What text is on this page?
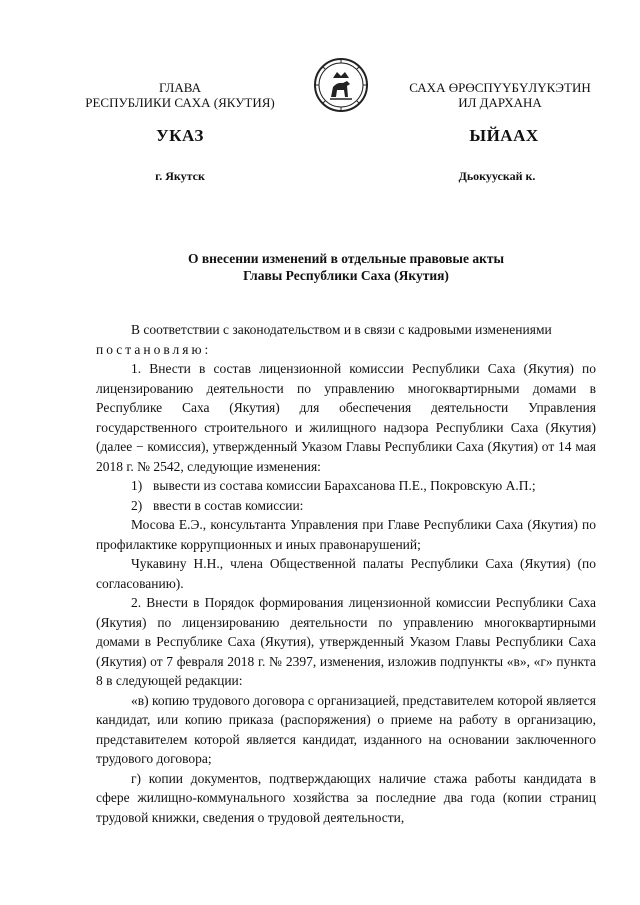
ГЛАВА
РЕСПУБЛИКИ САХА (ЯКУТИЯ)
САХА ӨРӨСПҮҮБҮЛҮКЭТИН
ИЛ ДАРХАНА
УКАЗ	ЫЙААХ
г. Якутск	Дьокуускай к.
О внесении изменений в отдельные правовые акты
Главы Республики Саха (Якутия)

В соответствии с законодательством и в связи с кадровыми изменениями

постановляю:

1. Внести в состав лицензионной комиссии Республики Саха (Якутия) по лицензированию деятельности по управлению многоквартирными домами в Республике Саха (Якутия) для обеспечения деятельности Управления государственного строительного и жилищного надзора Республики Саха (Якутия) (далее − комиссия), утвержденный Указом Главы Республики Саха (Якутия) от 14 мая 2018 г. № 2542, следующие изменения:

1) вывести из состава комиссии Барахсанова П.Е., Покровскую А.П.;
2) ввести в состав комиссии:

Мосова Е.Э., консультанта Управления при Главе Республики Саха (Якутия) по профилактике коррупционных и иных правонарушений;

Чукавину Н.Н., члена Общественной палаты Республики Саха (Якутия) (по согласованию).

2. Внести в Порядок формирования лицензионной комиссии Республики Саха (Якутия) по лицензированию деятельности по управлению многоквартирными домами в Республике Саха (Якутия), утвержденный Указом Главы Республики Саха (Якутия) от 7 февраля 2018 г. № 2397, изменения, изложив подпункты «в», «г» пункта 8 в следующей редакции:

«в) копию трудового договора с организацией, представителем которой является кандидат, или копию приказа (распоряжения) о приеме на работу в организацию, представителем которой является кандидат, изданного на основании заключенного трудового договора;

г) копии документов, подтверждающих наличие стажа работы кандидата в сфере жилищно-коммунального хозяйства за последние два года (копии страниц трудовой книжки, сведения о трудовой деятельности,
